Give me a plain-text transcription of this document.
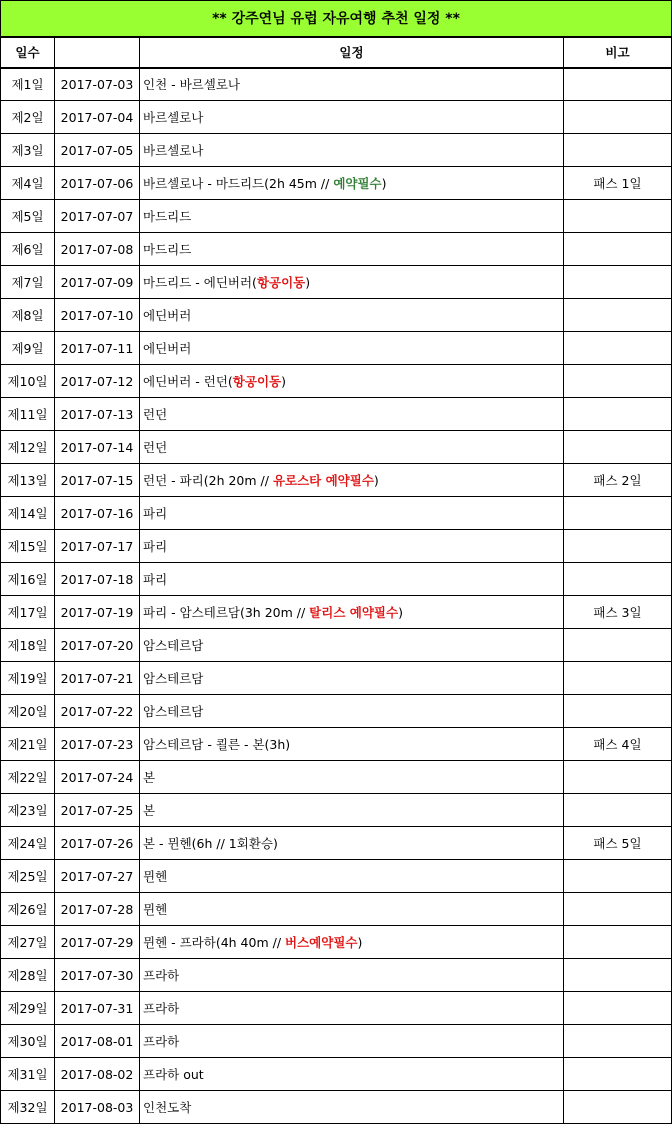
** 강주연님 유럽 자유여행 추천 일정 **			
일수		일정	비고
제1일	2017-07-03	인천 - 바르셀로나	
제2일	2017-07-04	바르셀로나	
제3일	2017-07-05	바르셀로나	
제4일	2017-07-06	바르셀로나 - 마드리드(2h 45m // 예약필수)	패스 1일
제5일	2017-07-07	마드리드	
제6일	2017-07-08	마드리드	
제7일	2017-07-09	마드리드 - 에딘버러(항공이동)	
제8일	2017-07-10	에딘버러	
제9일	2017-07-11	에딘버러	
제10일	2017-07-12	에딘버러 - 런던(항공이동)	
제11일	2017-07-13	런던	
제12일	2017-07-14	런던	
제13일	2017-07-15	런던 - 파리(2h 20m // 유로스타 예약필수)	패스 2일
제14일	2017-07-16	파리	
제15일	2017-07-17	파리	
제16일	2017-07-18	파리	
제17일	2017-07-19	파리 - 암스테르담(3h 20m // 탈리스 예약필수)	패스 3일
제18일	2017-07-20	암스테르담	
제19일	2017-07-21	암스테르담	
제20일	2017-07-22	암스테르담	
제21일	2017-07-23	암스테르담 - 쾰른 - 본(3h)	패스 4일
제22일	2017-07-24	본	
제23일	2017-07-25	본	
제24일	2017-07-26	본 - 뮌헨(6h // 1회환승)	패스 5일
제25일	2017-07-27	뮌헨	
제26일	2017-07-28	뮌헨	
제27일	2017-07-29	뮌헨 - 프라하(4h 40m // 버스예약필수)	
제28일	2017-07-30	프라하	
제29일	2017-07-31	프라하	
제30일	2017-08-01	프라하	
제31일	2017-08-02	프라하 out	
제32일	2017-08-03	인천도착	
